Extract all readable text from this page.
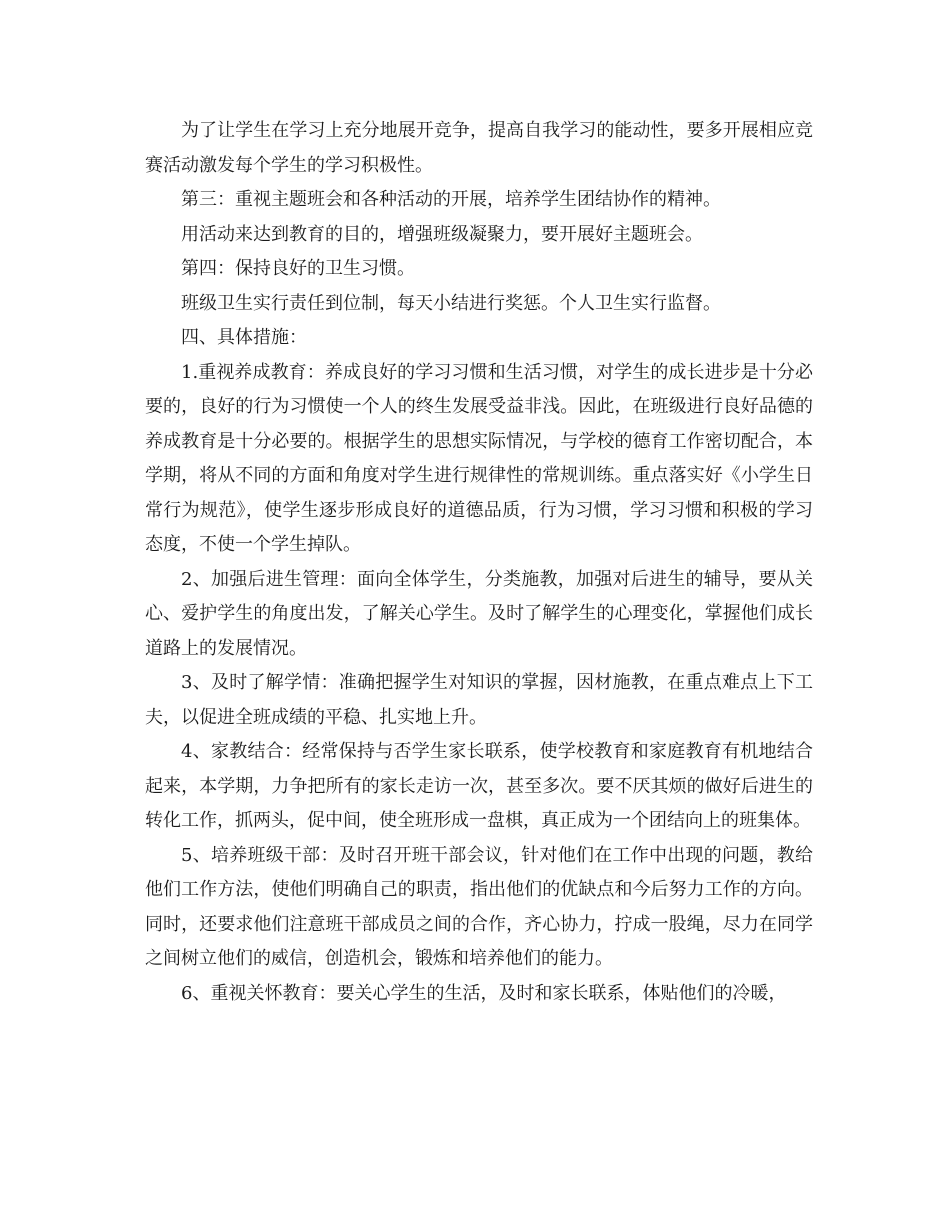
为了让学生在学习上充分地展开竞争，提高自我学习的能动性，要多开展相应竞赛活动激发每个学生的学习积极性。

第三：重视主题班会和各种活动的开展，培养学生团结协作的精神。

用活动来达到教育的目的，增强班级凝聚力，要开展好主题班会。

第四：保持良好的卫生习惯。

班级卫生实行责任到位制，每天小结进行奖惩。个人卫生实行监督。

四、具体措施：

1.重视养成教育：养成良好的学习习惯和生活习惯，对学生的成长进步是十分必要的，良好的行为习惯使一个人的终生发展受益非浅。因此，在班级进行良好品德的养成教育是十分必要的。根据学生的思想实际情况，与学校的德育工作密切配合，本学期，将从不同的方面和角度对学生进行规律性的常规训练。重点落实好《小学生日常行为规范》，使学生逐步形成良好的道德品质，行为习惯，学习习惯和积极的学习态度，不使一个学生掉队。

2、加强后进生管理：面向全体学生，分类施教，加强对后进生的辅导，要从关心、爱护学生的角度出发，了解关心学生。及时了解学生的心理变化，掌握他们成长道路上的发展情况。

3、及时了解学情：准确把握学生对知识的掌握，因材施教，在重点难点上下工夫，以促进全班成绩的平稳、扎实地上升。

4、家教结合：经常保持与否学生家长联系，使学校教育和家庭教育有机地结合起来，本学期，力争把所有的家长走访一次，甚至多次。要不厌其烦的做好后进生的转化工作，抓两头，促中间，使全班形成一盘棋，真正成为一个团结向上的班集体。

5、培养班级干部：及时召开班干部会议，针对他们在工作中出现的问题，教给他们工作方法，使他们明确自己的职责，指出他们的优缺点和今后努力工作的方向。同时，还要求他们注意班干部成员之间的合作，齐心协力，拧成一股绳，尽力在同学之间树立他们的威信，创造机会，锻炼和培养他们的能力。

6、重视关怀教育：要关心学生的生活，及时和家长联系，体贴他们的冷暖，
